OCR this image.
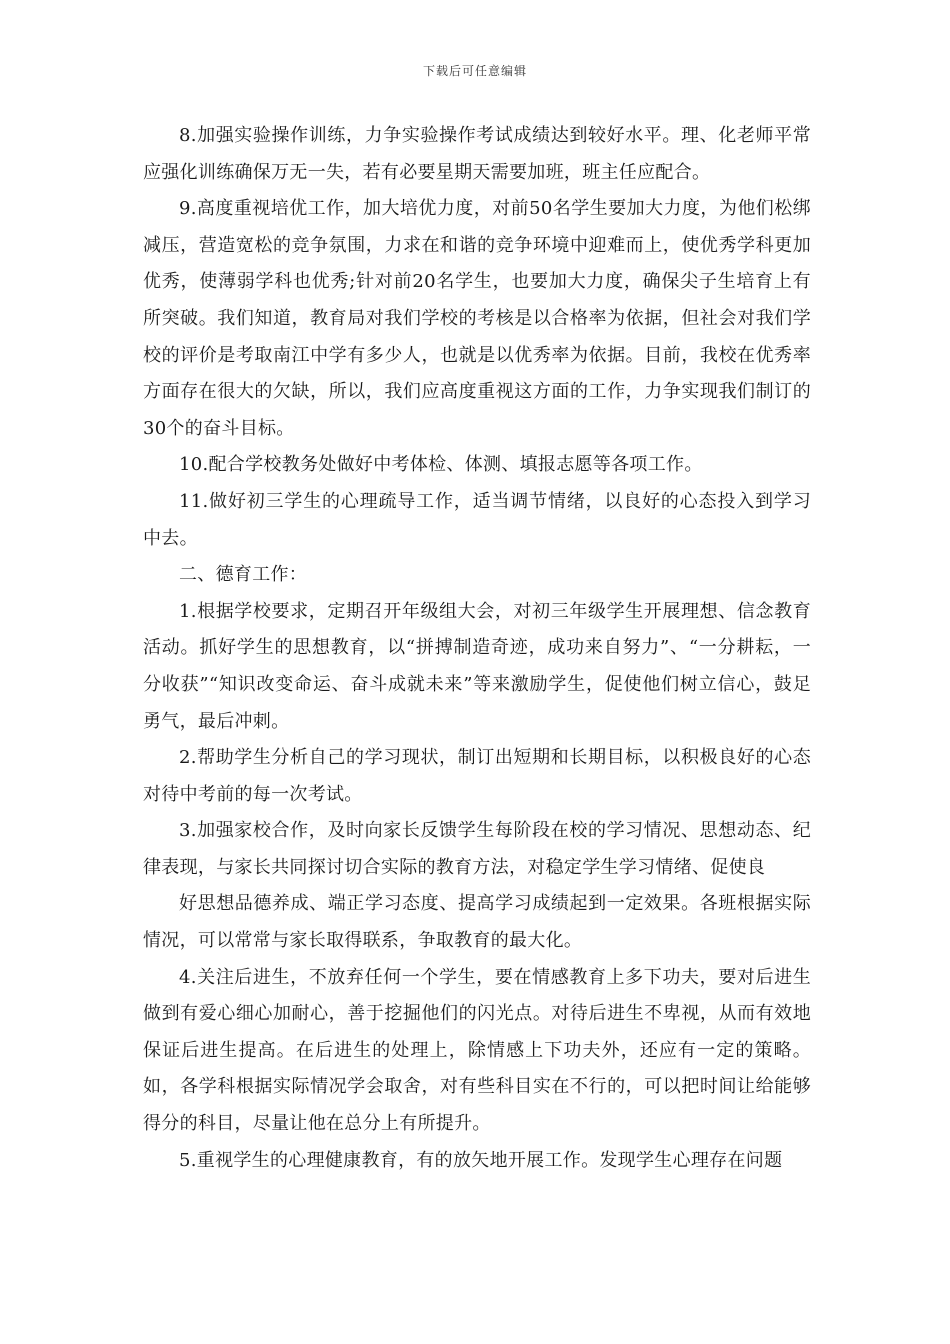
下载后可任意编辑

8.加强实验操作训练，力争实验操作考试成绩达到较好水平。理、化老师平常应强化训练确保万无一失，若有必要星期天需要加班，班主任应配合。

9.高度重视培优工作，加大培优力度，对前50名学生要加大力度，为他们松绑减压，营造宽松的竞争氛围，力求在和谐的竞争环境中迎难而上，使优秀学科更加优秀，使薄弱学科也优秀;针对前20名学生，也要加大力度，确保尖子生培育上有所突破。我们知道，教育局对我们学校的考核是以合格率为依据，但社会对我们学校的评价是考取南江中学有多少人，也就是以优秀率为依据。目前，我校在优秀率方面存在很大的欠缺，所以，我们应高度重视这方面的工作，力争实现我们制订的30个的奋斗目标。

10.配合学校教务处做好中考体检、体测、填报志愿等各项工作。

11.做好初三学生的心理疏导工作，适当调节情绪，以良好的心态投入到学习中去。

二、德育工作：

1.根据学校要求，定期召开年级组大会，对初三年级学生开展理想、信念教育活动。抓好学生的思想教育，以“拼搏制造奇迹，成功来自努力”、“一分耕耘，一分收获”“知识改变命运、奋斗成就未来”等来激励学生，促使他们树立信心，鼓足勇气，最后冲刺。

2.帮助学生分析自己的学习现状，制订出短期和长期目标，以积极良好的心态对待中考前的每一次考试。

3.加强家校合作，及时向家长反馈学生每阶段在校的学习情况、思想动态、纪律表现，与家长共同探讨切合实际的教育方法，对稳定学生学习情绪、促使良

好思想品德养成、端正学习态度、提高学习成绩起到一定效果。各班根据实际情况，可以常常与家长取得联系，争取教育的最大化。

4.关注后进生，不放弃任何一个学生，要在情感教育上多下功夫，要对后进生做到有爱心细心加耐心，善于挖掘他们的闪光点。对待后进生不卑视，从而有效地保证后进生提高。在后进生的处理上，除情感上下功夫外，还应有一定的策略。如，各学科根据实际情况学会取舍，对有些科目实在不行的，可以把时间让给能够得分的科目，尽量让他在总分上有所提升。

5.重视学生的心理健康教育，有的放矢地开展工作。发现学生心理存在问题
